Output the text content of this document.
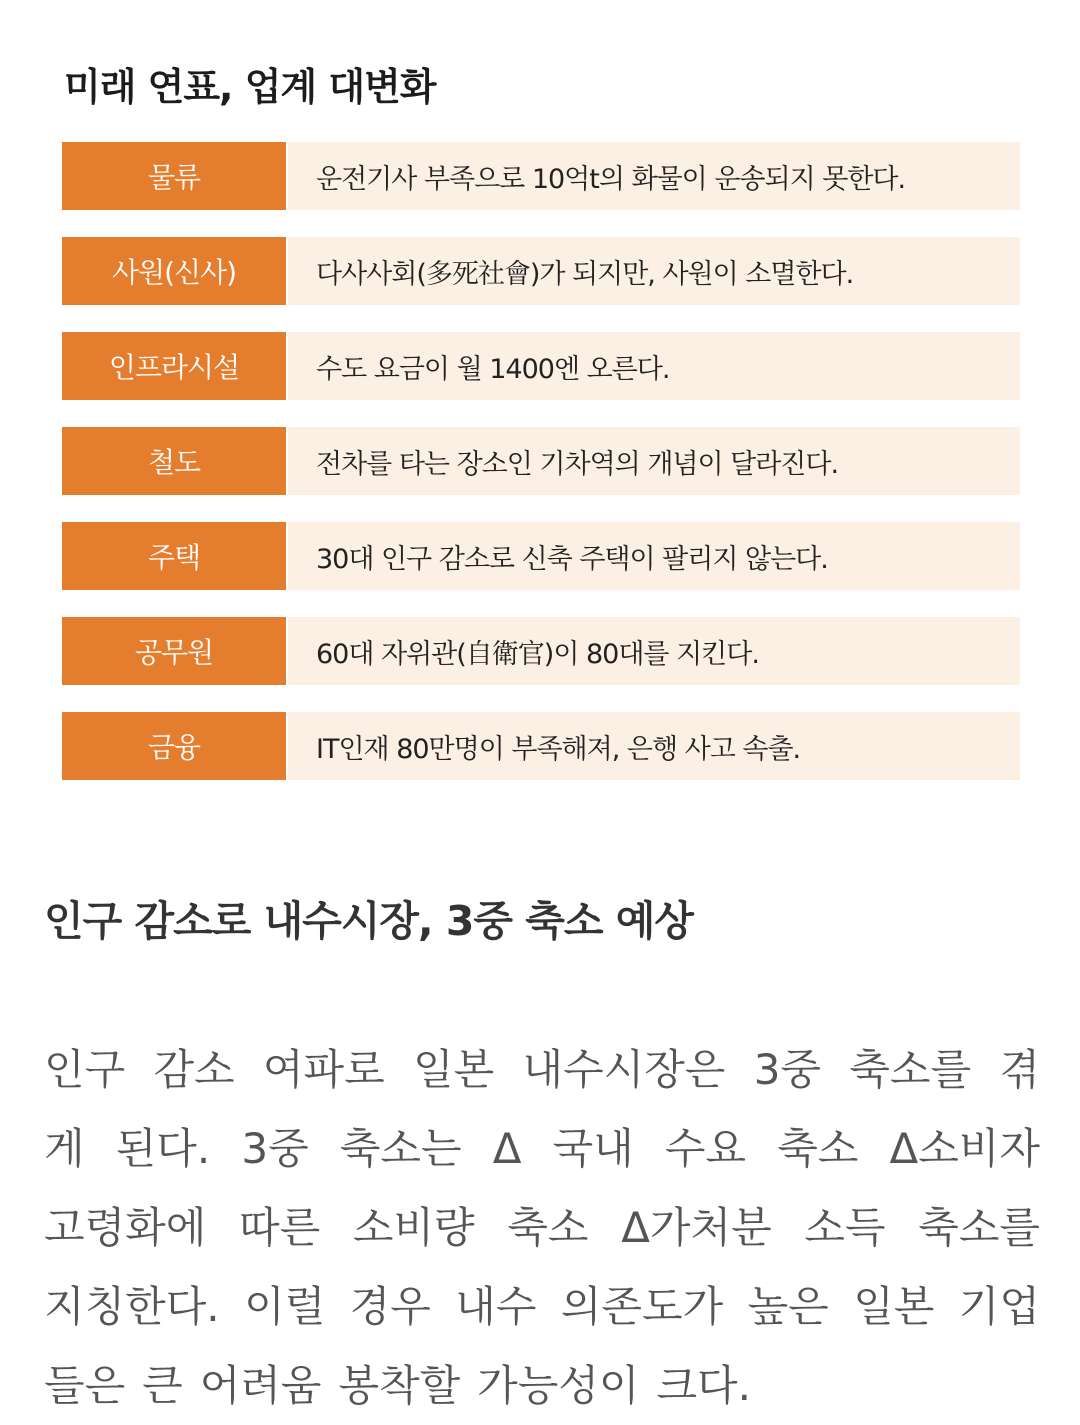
미래 연표, 업계 대변화
물류	운전기사 부족으로 10억t의 화물이 운송되지 못한다.
사원(신사)	다사사회(多死社會)가 되지만, 사원이 소멸한다.
인프라시설	수도 요금이 월 1400엔 오른다.
철도	전차를 타는 장소인 기차역의 개념이 달라진다.
주택	30대 인구 감소로 신축 주택이 팔리지 않는다.
공무원	60대 자위관(自衛官)이 80대를 지킨다.
금융	IT인재 80만명이 부족해져, 은행 사고 속출.
인구 감소로 내수시장, 3중 축소 예상
인구 감소 여파로 일본 내수시장은 3중 축소를 겪
게 된다. 3중 축소는 Δ 국내 수요 축소 Δ소비자
고령화에 따른 소비량 축소 Δ가처분 소득 축소를
지칭한다. 이럴 경우 내수 의존도가 높은 일본 기업
들은 큰 어려움 봉착할 가능성이 크다.
